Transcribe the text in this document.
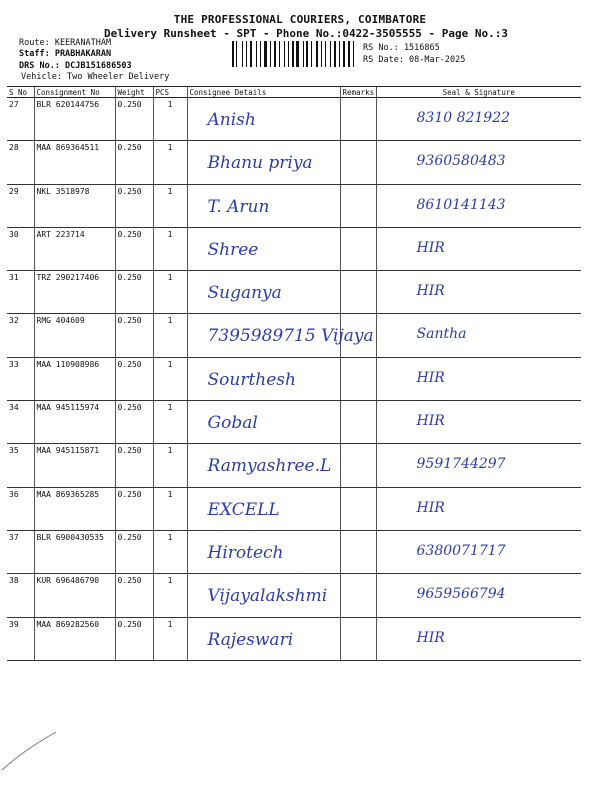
THE PROFESSIONAL COURIERS, COIMBATORE
Delivery Runsheet - SPT - Phone No.:0422-3505555 - Page No.:3
Route: KEERANATHAM
Staff: PRABHAKARAN
DRS No.: DCJB151686503
Vehicle: Two Wheeler Delivery
RS No.: 1516865
RS Date: 08-Mar-2025
S No	Consignment No	Weight	PCS	Consignee Details	Remarks	Seal & Signature
27	BLR 620144756	0.250	1	Anish		8310 821922

28	MAA 869364511	0.250	1	Bhanu priya		9360580483

29	NKL 3518978	0.250	1	T. Arun		8610141143

30	ART 223714	0.250	1	Shree		HIR

31	TRZ 290217406	0.250	1	Suganya		HIR

32	RMG 404609	0.250	1	7395989715 Vijaya		Santha

33	MAA 110908986	0.250	1	Sourthesh		HIR

34	MAA 945115974	0.250	1	Gobal		HIR

35	MAA 945115871	0.250	1	Ramyashree.L		9591744297

36	MAA 869365285	0.250	1	EXCELL		HIR

37	BLR 6900430535	0.250	1	Hirotech		6380071717

38	KUR 696486790	0.250	1	Vijayalakshmi		9659566794

39	MAA 869282560	0.250	1	Rajeswari		HIR
